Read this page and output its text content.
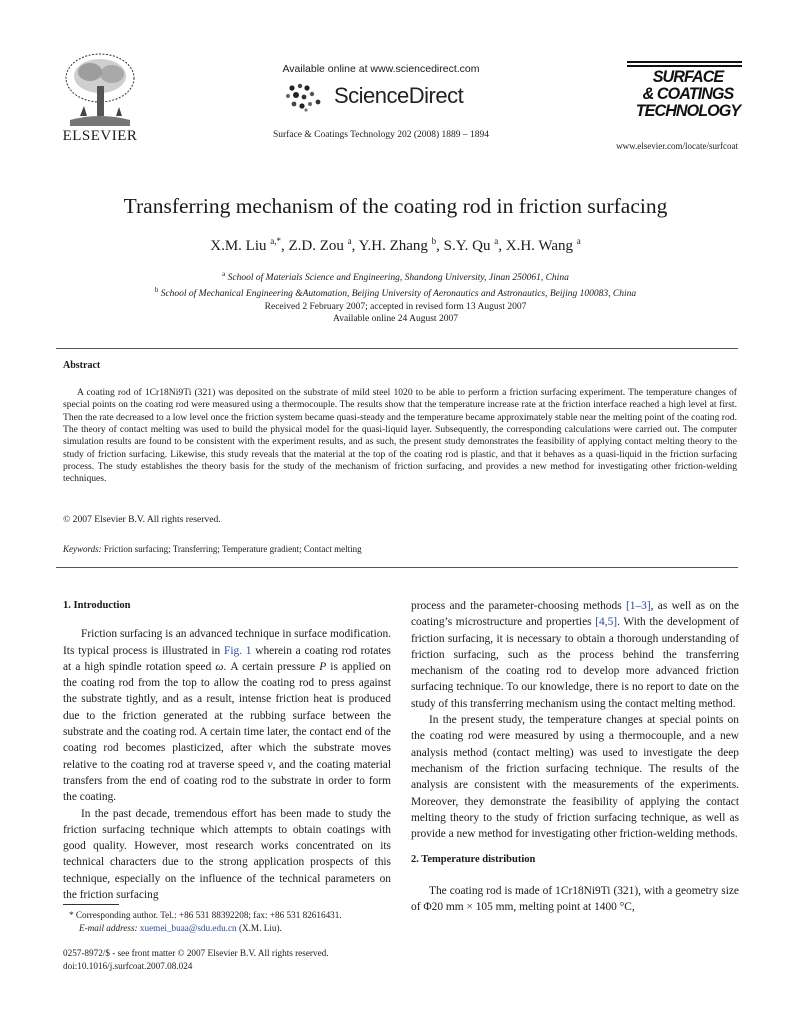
ELSEVIER
Available online at www.sciencedirect.com
ScienceDirect
Surface & Coatings Technology 202 (2008) 1889 – 1894
SURFACE
& COATINGS
TECHNOLOGY
www.elsevier.com/locate/surfcoat
Transferring mechanism of the coating rod in friction surfacing
X.M. Liu $^{a,*}$, Z.D. Zou $^a$, Y.H. Zhang $^b$, S.Y. Qu $^a$, X.H. Wang $^a$
$^a$ School of Materials Science and Engineering, Shandong University, Jinan 250061, China
$^b$ School of Mechanical Engineering &Automation, Beijing University of Aeronautics and Astronautics, Beijing 100083, China
Received 2 February 2007; accepted in revised form 13 August 2007
Available online 24 August 2007
Abstract
A coating rod of 1Cr18Ni9Ti (321) was deposited on the substrate of mild steel 1020 to be able to perform a friction surfacing experiment. The temperature changes of special points on the coating rod were measured using a thermocouple. The results show that the temperature increase rate at the friction interface reached a high level at first. Then the rate decreased to a low level once the friction system became quasi-steady and the temperature became approximately stable near the melting point of the coating rod. The theory of contact melting was used to build the physical model for the quasi-liquid layer. Subsequently, the corresponding calculations were carried out. The computer simulation results are found to be consistent with the experiment results, and as such, the present study demonstrates the feasibility of applying contact melting theory to the study of friction surfacing. Likewise, this study reveals that the material at the top of the coating rod is plastic, and that it behaves as a quasi-liquid in the friction surfacing process. The study establishes the theory basis for the study of the mechanism of friction surfacing, and provides a new method for investigating other friction-welding techniques.
© 2007 Elsevier B.V. All rights reserved.
Keywords: Friction surfacing; Transferring; Temperature gradient; Contact melting
1. Introduction

Friction surfacing is an advanced technique in surface modification. Its typical process is illustrated in Fig. 1 wherein a coating rod rotates at a high spindle rotation speed ω. A certain pressure P is applied on the coating rod from the top to allow the coating rod to press against the substrate tightly, and as a result, intense friction heat is produced due to the friction generated at the rubbing surface between the substrate and the coating rod. A certain time later, the contact end of the coating rod becomes plasticized, after which the substrate moves relative to the coating rod at traverse speed v, and the coating material transfers from the end of coating rod to the substrate in order to form the coating.

In the past decade, tremendous effort has been made to study the friction surfacing technique which attempts to obtain coatings with good quality. However, most research works concentrated on its technical characters due to the strong application prospects of this technique, especially on the influence of the technical parameters on the friction surfacing

process and the parameter-choosing methods [1–3], as well as on the coating’s microstructure and properties [4,5]. With the development of friction surfacing, it is necessary to obtain a thorough understanding of friction surfacing, such as the process behind the transferring mechanism of the coating rod to develop more advanced friction surfacing technique. To our knowledge, there is no report to date on the study of this transferring mechanism using the contact melting method.

In the present study, the temperature changes at special points on the coating rod were measured by using a thermocouple, and a new analysis method (contact melting) was used to investigate the deep mechanism of the friction surfacing technique. The results of the analysis are consistent with the measurements of the experiments. Moreover, they demonstrate the feasibility of applying the contact melting theory to the study of friction surfacing technique, as well as provide a new method for investigating other friction-welding methods.

2. Temperature distribution

The coating rod is made of 1Cr18Ni9Ti (321), with a geometry size of Φ20 mm × 105 mm, melting point at 1400 °C,

* Corresponding author. Tel.: +86 531 88392208; fax: +86 531 82616431.
E-mail address: xuemei_buaa@sdu.edu.cn (X.M. Liu).
0257-8972/$ - see front matter © 2007 Elsevier B.V. All rights reserved.
doi:10.1016/j.surfcoat.2007.08.024
